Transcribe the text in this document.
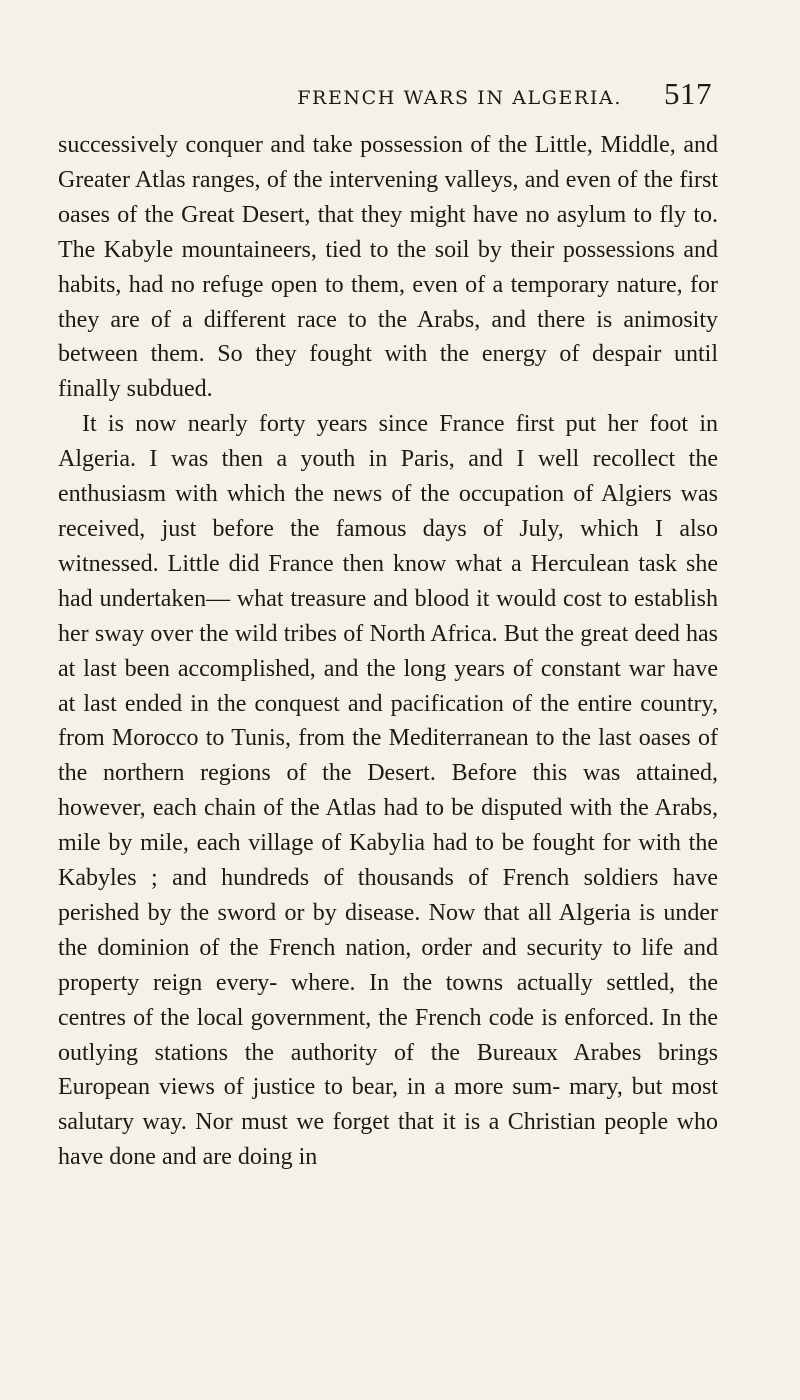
FRENCH WARS IN ALGERIA. 517

successively conquer and take possession of the Little, Middle, and Greater Atlas ranges, of the intervening valleys, and even of the first oases of the Great Desert, that they might have no asylum to fly to. The Kabyle mountaineers, tied to the soil by their possessions and habits, had no refuge open to them, even of a temporary nature, for they are of a different race to the Arabs, and there is animosity between them. So they fought with the energy of despair until finally subdued.

It is now nearly forty years since France first put her foot in Algeria. I was then a youth in Paris, and I well recollect the enthusiasm with which the news of the occupation of Algiers was received, just before the famous days of July, which I also witnessed. Little did France then know what a Herculean task she had undertaken— what treasure and blood it would cost to establish her sway over the wild tribes of North Africa. But the great deed has at last been accomplished, and the long years of constant war have at last ended in the conquest and pacification of the entire country, from Morocco to Tunis, from the Mediterranean to the last oases of the northern regions of the Desert. Before this was attained, however, each chain of the Atlas had to be disputed with the Arabs, mile by mile, each village of Kabylia had to be fought for with the Kabyles ; and hundreds of thousands of French soldiers have perished by the sword or by disease. Now that all Algeria is under the dominion of the French nation, order and security to life and property reign every- where. In the towns actually settled, the centres of the local government, the French code is enforced. In the outlying stations the authority of the Bureaux Arabes brings European views of justice to bear, in a more sum- mary, but most salutary way. Nor must we forget that it is a Christian people who have done and are doing in
